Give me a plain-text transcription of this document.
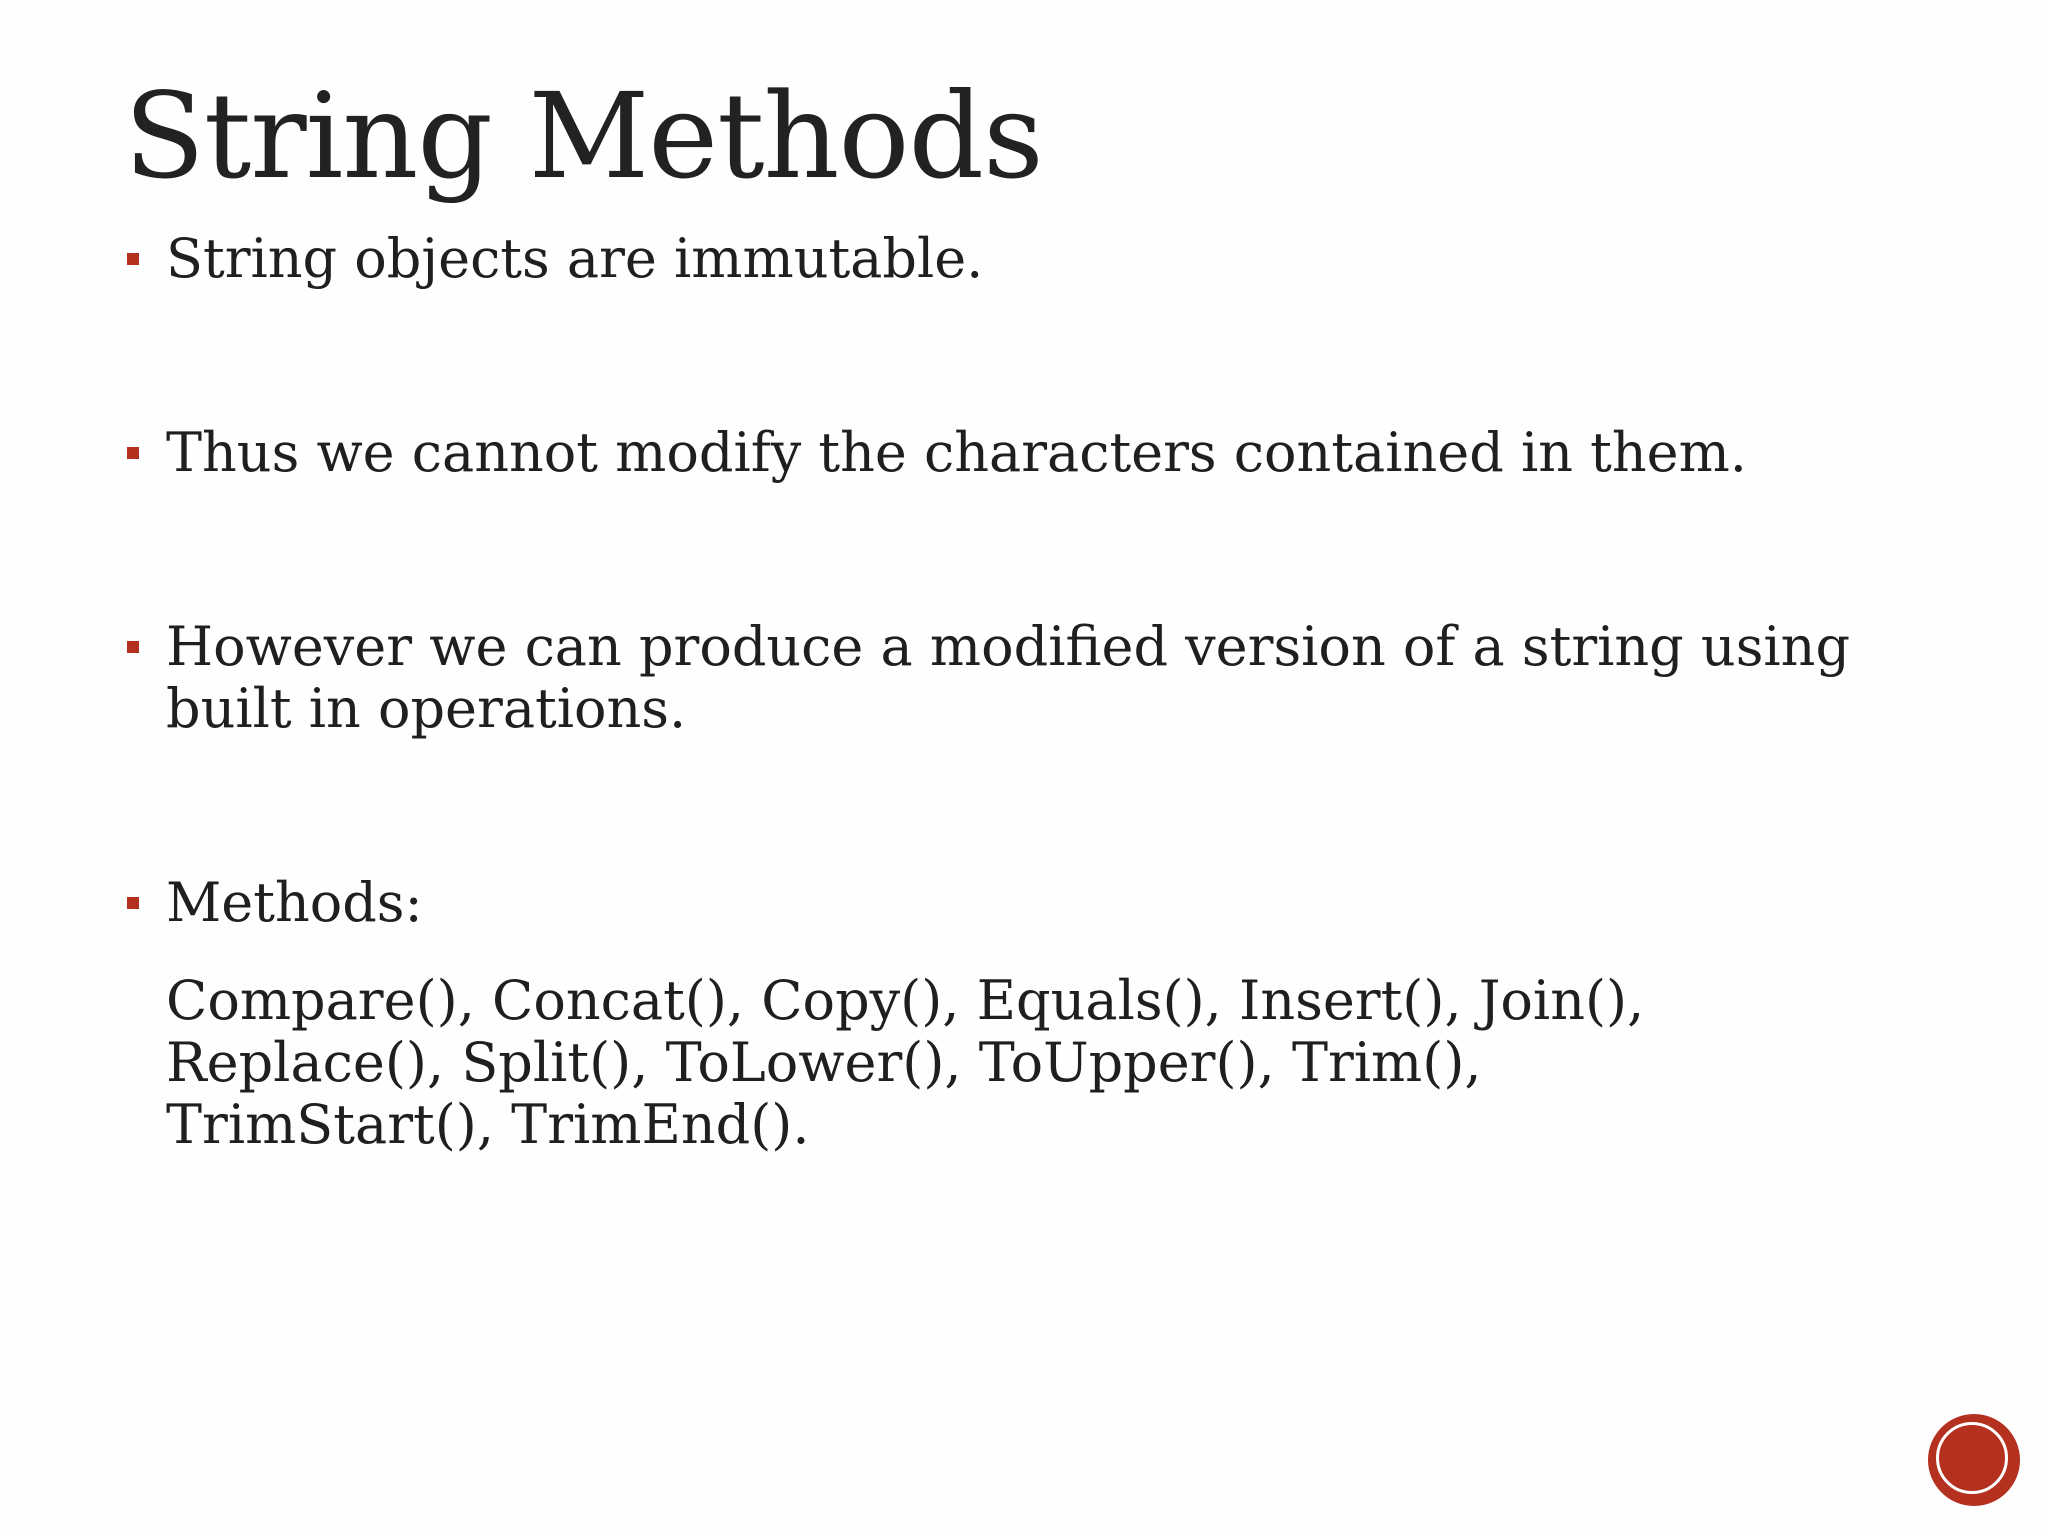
String Methods
String objects are immutable.
Thus we cannot modify the characters contained in them.
However we can produce a modified version of a string using built in operations.
Methods:
Compare(), Concat(), Copy(), Equals(), Insert(), Join(), Replace(), Split(), ToLower(), ToUpper(), Trim(), TrimStart(), TrimEnd().
